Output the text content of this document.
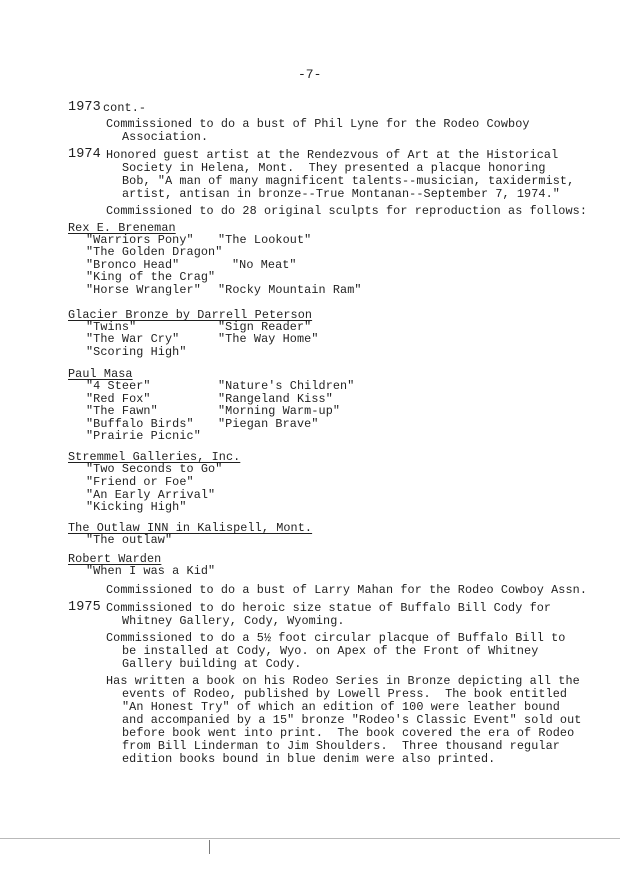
-7-
1973 cont.-
Commissioned to do a bust of Phil Lyne for the Rodeo Cowboy
Association.
1974 Honored guest artist at the Rendezvous of Art at the Historical
Society in Helena, Mont.  They presented a placque honoring
Bob, "A man of many magnificent talents--musician, taxidermist,
artist, antisan in bronze--True Montanan--September 7, 1974."
Commissioned to do 28 original sculpts for reproduction as follows:
Rex E. Breneman
"Warriors Pony" "The Lookout"
"The Golden Dragon"
"Bronco Head"	"No Meat"
"King of the Crag"
"Horse Wrangler" "Rocky Mountain Ram"
Glacier Bronze by Darrell Peterson
"Twins"	"Sign Reader"
"The War Cry"	"The Way Home"
"Scoring High"
Paul Masa
"4 Steer"	"Nature's Children"
"Red Fox"	"Rangeland Kiss"
"The Fawn"	"Morning Warm-up"
"Buffalo Birds" "Piegan Brave"
"Prairie Picnic"
Stremmel Galleries, Inc.
"Two Seconds to Go"
"Friend or Foe"
"An Early Arrival"
"Kicking High"
The Outlaw INN in Kalispell, Mont.
"The outlaw"
Robert Warden
"When I was a Kid"
Commissioned to do a bust of Larry Mahan for the Rodeo Cowboy Assn.
1975 Commissioned to do heroic size statue of Buffalo Bill Cody for
Whitney Gallery, Cody, Wyoming.
Commissioned to do a 5½ foot circular placque of Buffalo Bill to
be installed at Cody, Wyo. on Apex of the Front of Whitney
Gallery building at Cody.
Has written a book on his Rodeo Series in Bronze depicting all the
events of Rodeo, published by Lowell Press.  The book entitled
"An Honest Try" of which an edition of 100 were leather bound
and accompanied by a 15" bronze "Rodeo's Classic Event" sold out
before book went into print.  The book covered the era of Rodeo
from Bill Linderman to Jim Shoulders.  Three thousand regular
edition books bound in blue denim were also printed.
